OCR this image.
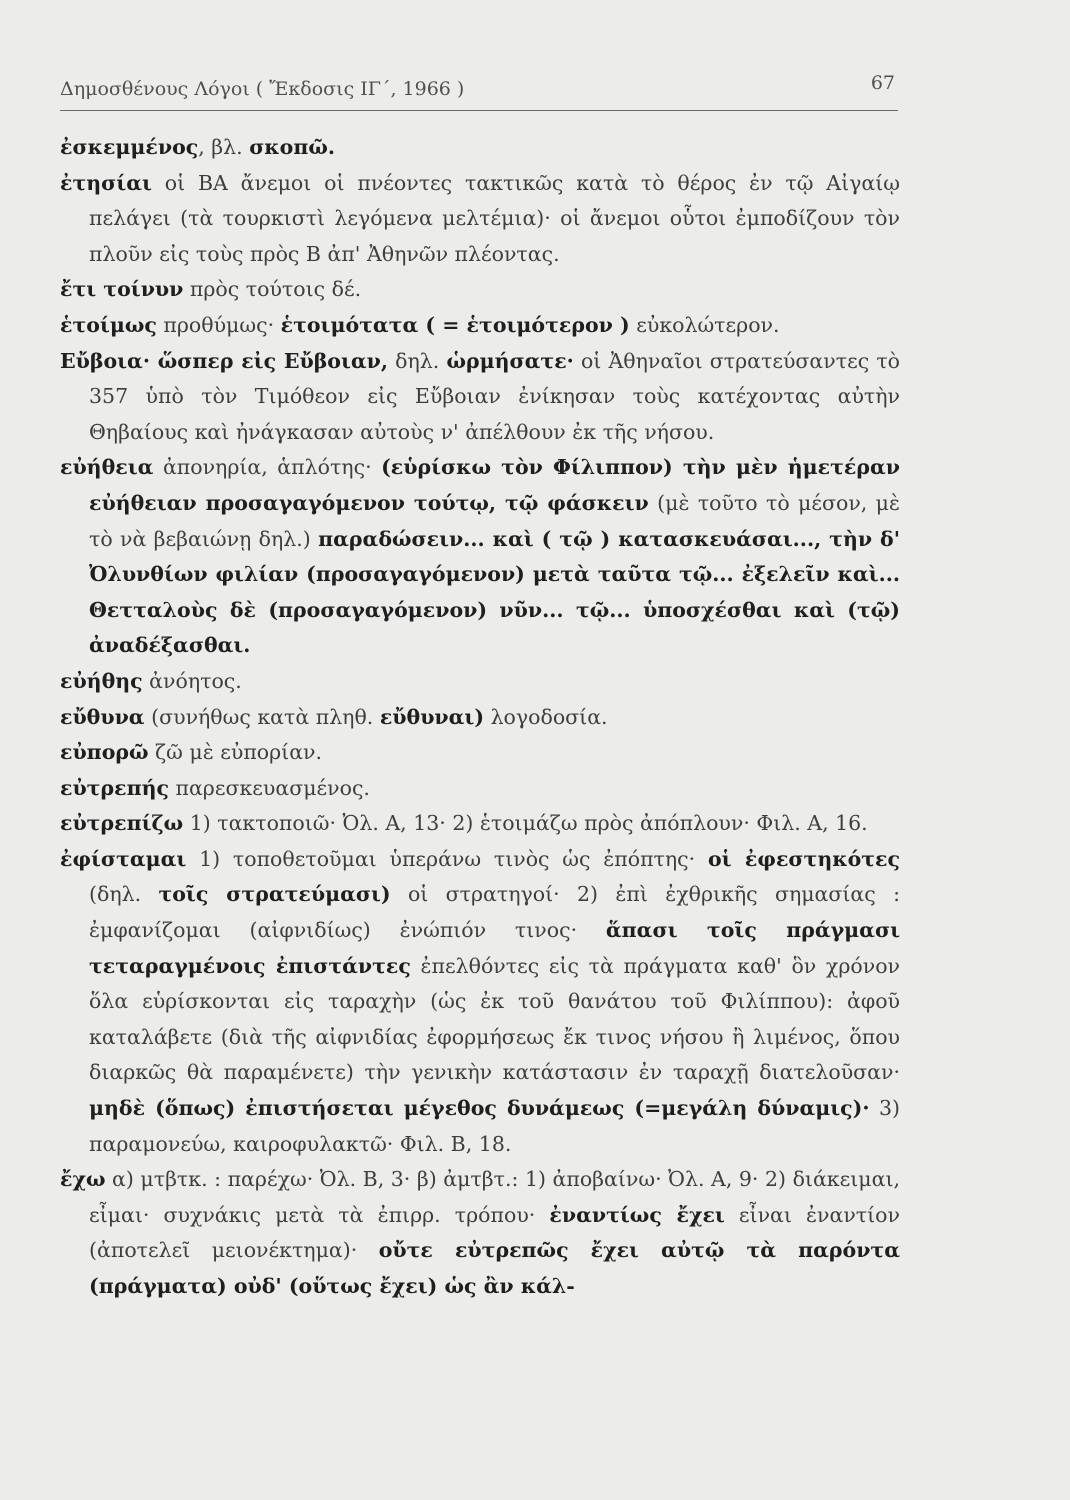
Δημοσθένους Λόγοι ( Ἔκδοσις ΙΓ΄, 1966 )	67

ἐσκεμμένος, βλ. σκοπῶ.

ἐτησίαι οἱ ΒΑ ἄνεμοι οἱ πνέοντες τακτικῶς κατὰ τὸ θέρος ἐν τῷ Αἰγαίῳ πελάγει (τὰ τουρκιστὶ λεγόμενα μελτέμια)· οἱ ἄνεμοι οὗτοι ἐμποδίζουν τὸν πλοῦν εἰς τοὺς πρὸς Β ἀπ' Ἀθηνῶν πλέοντας.

ἔτι τοίνυν πρὸς τούτοις δέ.

ἑτοίμως προθύμως· ἑτοιμότατα ( = ἑτοιμότερον ) εὐκολώτερον.

Εὔβοια· ὥσπερ εἰς Εὔβοιαν, δηλ. ὡρμήσατε· οἱ Ἀθηναῖοι στρατεύσαντες τὸ 357 ὑπὸ τὸν Τιμόθεον εἰς Εὔβοιαν ἐνίκησαν τοὺς κατέχοντας αὐτὴν Θηβαίους καὶ ἠνάγκασαν αὐτοὺς ν' ἀπέλθουν ἐκ τῆς νήσου.

εὐήθεια ἀπονηρία, ἁπλότης· (εὑρίσκω τὸν Φίλιππον) τὴν μὲν ἡμετέραν εὐήθειαν προσαγαγόμενον τούτῳ, τῷ φάσκειν (μὲ τοῦτο τὸ μέσον, μὲ τὸ νὰ βεβαιώνῃ δηλ.) παραδώσειν... καὶ ( τῷ ) κατασκευάσαι..., τὴν δ' Ὀλυνθίων φιλίαν (προσαγαγόμενον) μετὰ ταῦτα τῷ... ἐξελεῖν καὶ... Θετταλοὺς δὲ (προσαγαγόμενον) νῦν... τῷ... ὑποσχέσθαι καὶ (τῷ) ἀναδέξασθαι.

εὐήθης ἀνόητος.

εὔθυνα (συνήθως κατὰ πληθ. εὔθυναι) λογοδοσία.

εὐπορῶ ζῶ μὲ εὐπορίαν.

εὐτρεπής παρεσκευασμένος.

εὐτρεπίζω 1) τακτοποιῶ· Ὀλ. Α, 13· 2) ἑτοιμάζω πρὸς ἀπόπλουν· Φιλ. Α, 16.

ἐφίσταμαι 1) τοποθετοῦμαι ὑπεράνω τινὸς ὡς ἐπόπτης· οἱ ἐφεστηκότες (δηλ. τοῖς στρατεύμασι) οἱ στρατηγοί· 2) ἐπὶ ἐχθρικῆς σημασίας : ἐμφανίζομαι (αἰφνιδίως) ἐνώπιόν τινος· ἅπασι τοῖς πράγμασι τεταραγμένοις ἐπιστάντες ἐπελθόντες εἰς τὰ πράγματα καθ' ὃν χρόνον ὅλα εὑρίσκονται εἰς ταραχὴν (ὡς ἐκ τοῦ θανάτου τοῦ Φιλίππου): ἀφοῦ καταλάβετε (διὰ τῆς αἰφνιδίας ἐφορμήσεως ἔκ τινος νήσου ἢ λιμένος, ὅπου διαρκῶς θὰ παραμένετε) τὴν γενικὴν κατάστασιν ἐν ταραχῇ διατελοῦσαν· μηδὲ (ὅπως) ἐπιστήσεται μέγεθος δυνάμεως (=μεγάλη δύναμις)· 3) παραμονεύω, καιροφυλακτῶ· Φιλ. Β, 18.

ἔχω α) μτβτκ. : παρέχω· Ὀλ. Β, 3· β) ἀμτβτ.: 1) ἀποβαίνω· Ὀλ. Α, 9· 2) διάκειμαι, εἶμαι· συχνάκις μετὰ τὰ ἐπιρρ. τρόπου· ἐναντίως ἔχει εἶναι ἐναντίον (ἀποτελεῖ μειονέκτημα)· οὔτε εὐτρεπῶς ἔχει αὐτῷ τὰ παρόντα (πράγματα) οὐδ' (οὕτως ἔχει) ὡς ἂν κάλ-
